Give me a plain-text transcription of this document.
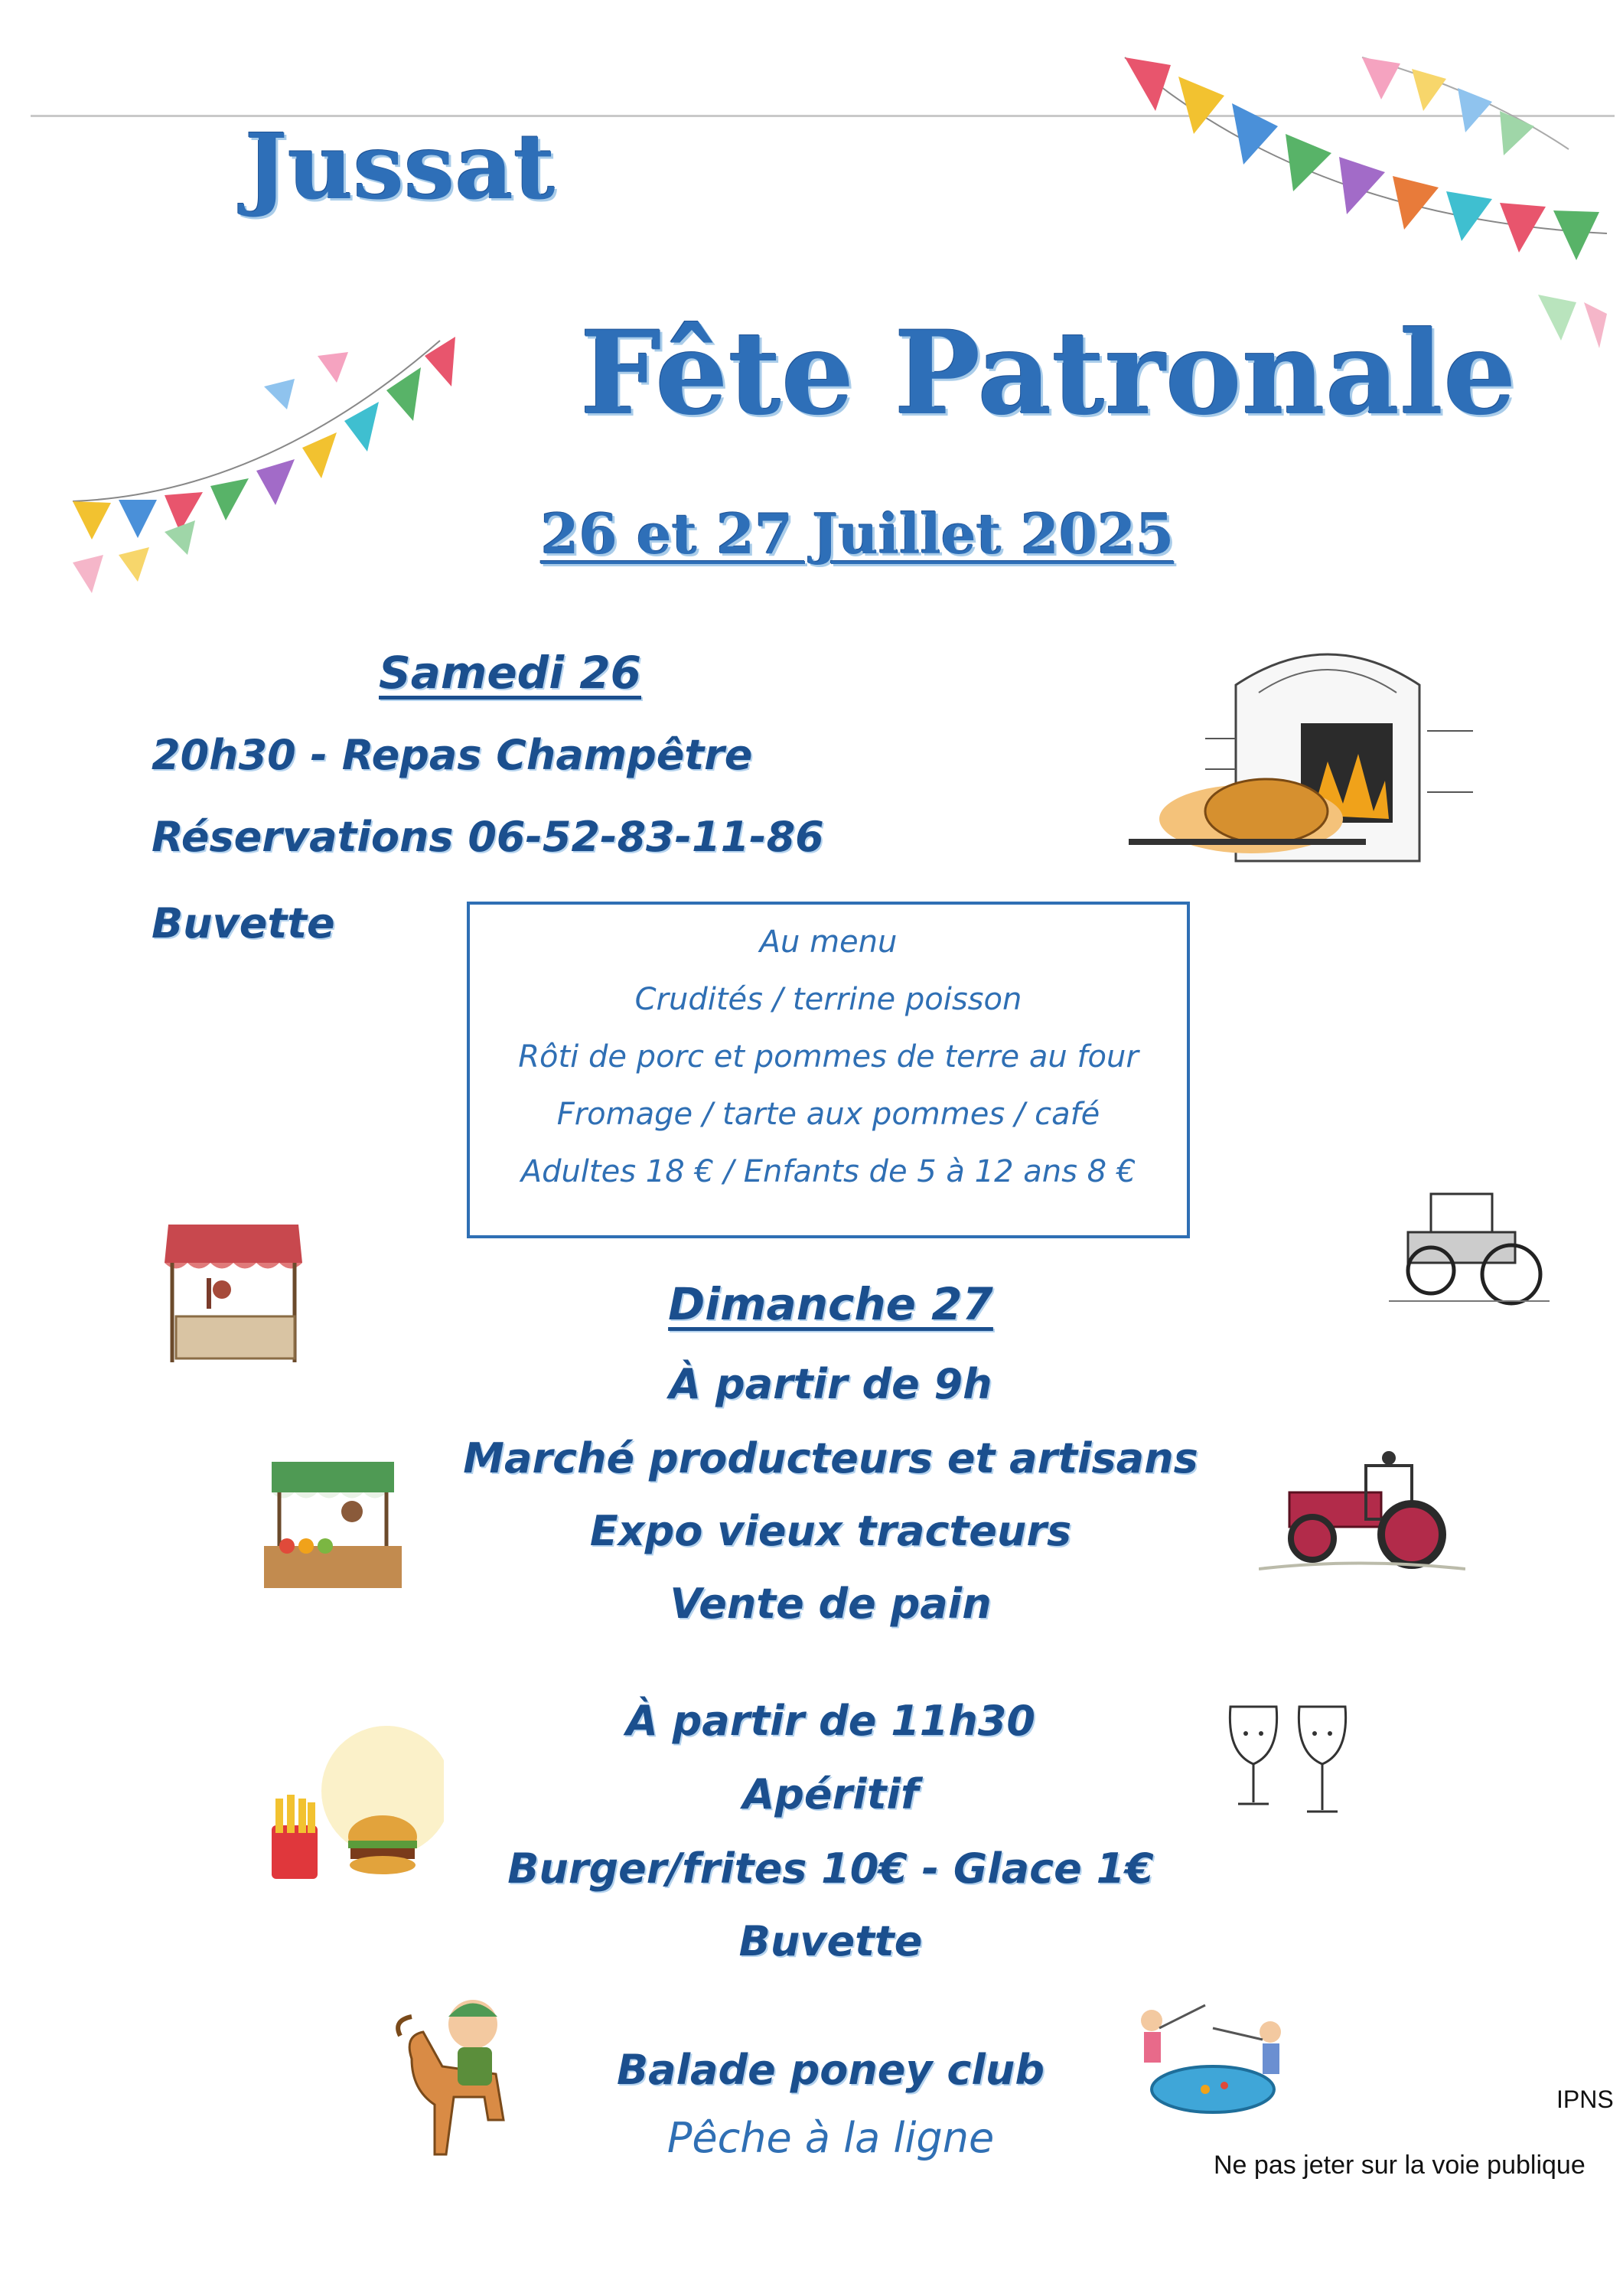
Jussat
Fête Patronale
26 et 27 Juillet 2025
Samedi 26
20h30 - Repas Champêtre
Réservations 06-52-83-11-86
Buvette	Au menu
Crudités / terrine poisson
Rôti de porc et pommes de terre au four
Fromage / tarte aux pommes / café
Adultes 18 € / Enfants de 5 à 12 ans 8 €
Dimanche 27
À partir de 9h
Marché producteurs et artisans
Expo vieux tracteurs
Vente de pain
À partir de 11h30
Apéritif
Burger/frites 10€ - Glace 1€
Buvette
Balade poney club
Pêche à la ligne
IPNS
Ne pas jeter sur la voie publique
